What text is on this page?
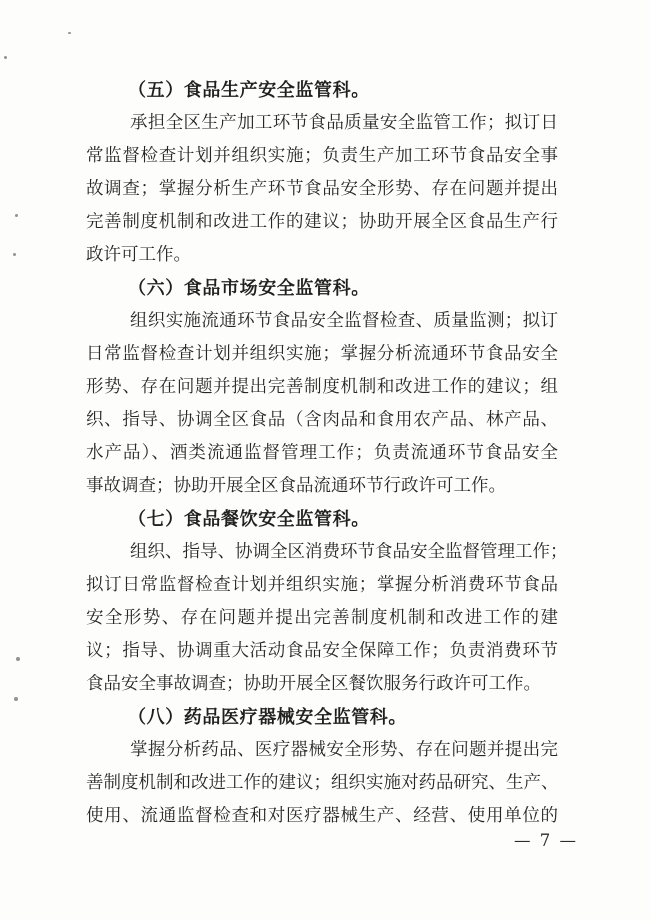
（五）食品生产安全监管科。
承担全区生产加工环节食品质量安全监管工作；拟订日
常监督检查计划并组织实施；负责生产加工环节食品安全事
故调查；掌握分析生产环节食品安全形势、存在问题并提出
完善制度机制和改进工作的建议；协助开展全区食品生产行
政许可工作。
（六）食品市场安全监管科。
组织实施流通环节食品安全监督检查、质量监测；拟订
日常监督检查计划并组织实施；掌握分析流通环节食品安全
形势、存在问题并提出完善制度机制和改进工作的建议；组
织、指导、协调全区食品（含肉品和食用农产品、林产品、
水产品）、酒类流通监督管理工作；负责流通环节食品安全
事故调查；协助开展全区食品流通环节行政许可工作。
（七）食品餐饮安全监管科。
组织、指导、协调全区消费环节食品安全监督管理工作；
拟订日常监督检查计划并组织实施；掌握分析消费环节食品
安全形势、存在问题并提出完善制度机制和改进工作的建
议；指导、协调重大活动食品安全保障工作；负责消费环节
食品安全事故调查；协助开展全区餐饮服务行政许可工作。
（八）药品医疗器械安全监管科。
掌握分析药品、医疗器械安全形势、存在问题并提出完
善制度机制和改进工作的建议；组织实施对药品研究、生产、
使用、流通监督检查和对医疗器械生产、经营、使用单位的
— 7 —
